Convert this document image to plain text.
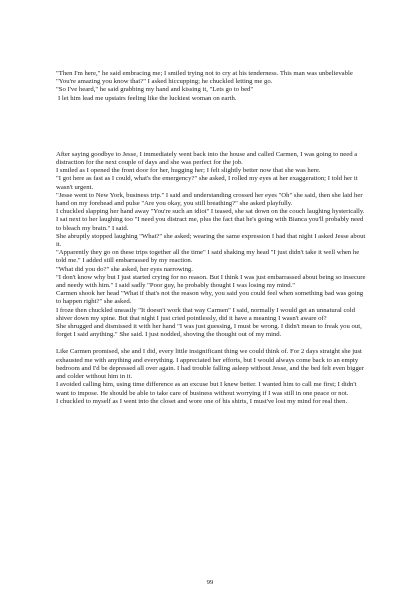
"Then I'm here," he said embracing me; I smiled trying not to cry at his tenderness. This man was unbelievable

"You're amazing you know that?" I asked hiccupping; he chuckled letting me go.

"So I've heard," he said grabbing my hand and kissing it, "Lets go to bed"

I let him lead me upstairs feeling like the luckiest woman on earth.

After saying goodbye to Jesse, I immediately went back into the house and called Carmen, I was going to need a distraction for the next couple of days and she was perfect for the job.

I smiled as I opened the front door for her, hugging her; I felt slightly better now that she was here.

"I got here as fast as I could, what's the emergency?" she asked, I rolled my eyes at her exaggeration; I told her it wasn't urgent.

"Jesse went to New York, business trip." I said and understanding crossed her eyes "Oh" she said, then she laid her hand on my forehead and pulse "Are you okay, you still breathing?" she asked playfully.

I chuckled slapping her hand away "You're such an idiot" I teased, she sat down on the couch laughing hysterically.

I sat next to her laughing too "I need you distract me, plus the fact that he's going with Bianca you'll probably need to bleach my brain." I said.

She abruptly stopped laughing "What?" she asked; wearing the same expression I had that night I asked Jesse about it.

"Apparently they go on these trips together all the time" I said shaking my head "I just didn't take it well when he told me." I added still embarrassed by my reaction.

"What did you do?" she asked, her eyes narrowing.

"I don't know why but I just started crying for no reason. But I think I was just embarrassed about being so insecure and needy with him." I said sadly "Poor guy, he probably thought I was losing my mind."

Carmen shook her head "What if that's not the reason why, you said you could feel when something bad was going to happen right?" she asked.

I froze then chuckled uneasily "It doesn't work that way Carmen" I said, normally I would get an unnatural cold shiver down my spine. But that night I just cried pointlessly, did it have a meaning I wasn't aware of?

She shrugged and dismissed it with her hand "I was just guessing, I must be wrong. I didn't mean to freak you out, forget I said anything." She said. I just nodded, shoving the thought out of my mind.

Like Carmen promised, she and I did, every little insignificant thing we could think of. For 2 days straight she just exhausted me with anything and everything. I appreciated her efforts, but I would always come back to an empty bedroom and I'd be depressed all over again. I had trouble falling asleep without Jesse, and the bed felt even bigger and colder without him in it.

I avoided calling him, using time difference as an excuse but I knew better. I wanted him to call me first; I didn't want to impose. He should be able to take care of business without worrying if I was still in one peace or not.

I chuckled to myself as I went into the closet and wore one of his shirts, I must've lost my mind for real then.

99
